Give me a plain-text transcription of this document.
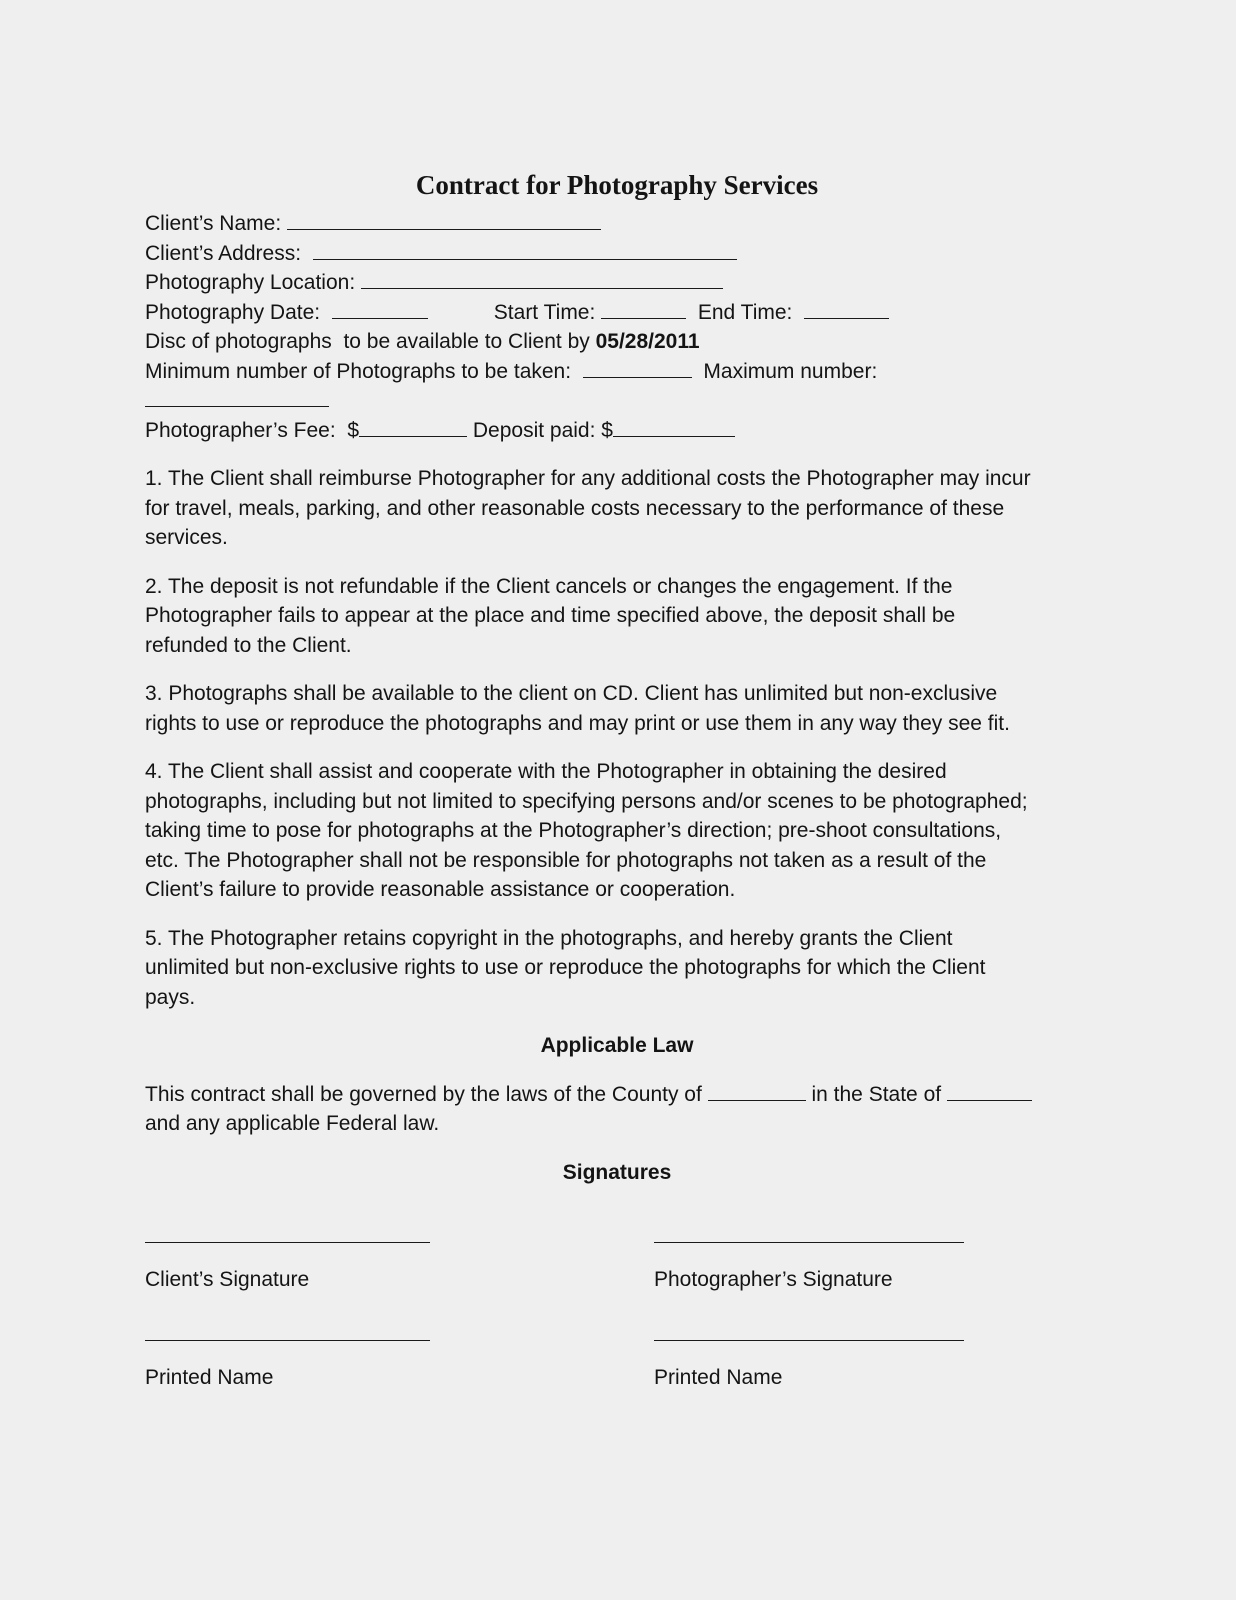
Contract for Photography Services
Client’s Name:
Client’s Address:
Photography Location:
Photography Date:	Start Time:	End Time:
Disc of photographs  to be available to Client by 05/28/2011
Minimum number of Photographs to be taken:	Maximum number:
Photographer’s Fee:  $	Deposit paid: $
1. The Client shall reimburse Photographer for any additional costs the Photographer may incur
for travel, meals, parking, and other reasonable costs necessary to the performance of these
services.
2. The deposit is not refundable if the Client cancels or changes the engagement. If the
Photographer fails to appear at the place and time specified above, the deposit shall be
refunded to the Client.
3. Photographs shall be available to the client on CD. Client has unlimited but non-exclusive
rights to use or reproduce the photographs and may print or use them in any way they see fit.
4. The Client shall assist and cooperate with the Photographer in obtaining the desired
photographs, including but not limited to specifying persons and/or scenes to be photographed;
taking time to pose for photographs at the Photographer’s direction; pre-shoot consultations,
etc. The Photographer shall not be responsible for photographs not taken as a result of the
Client’s failure to provide reasonable assistance or cooperation.
5. The Photographer retains copyright in the photographs, and hereby grants the Client
unlimited but non-exclusive rights to use or reproduce the photographs for which the Client
pays.
Applicable Law
This contract shall be governed by the laws of the County of	in the State of
and any applicable Federal law.
Signatures
Client’s Signature
Printed Name
Photographer’s Signature
Printed Name
